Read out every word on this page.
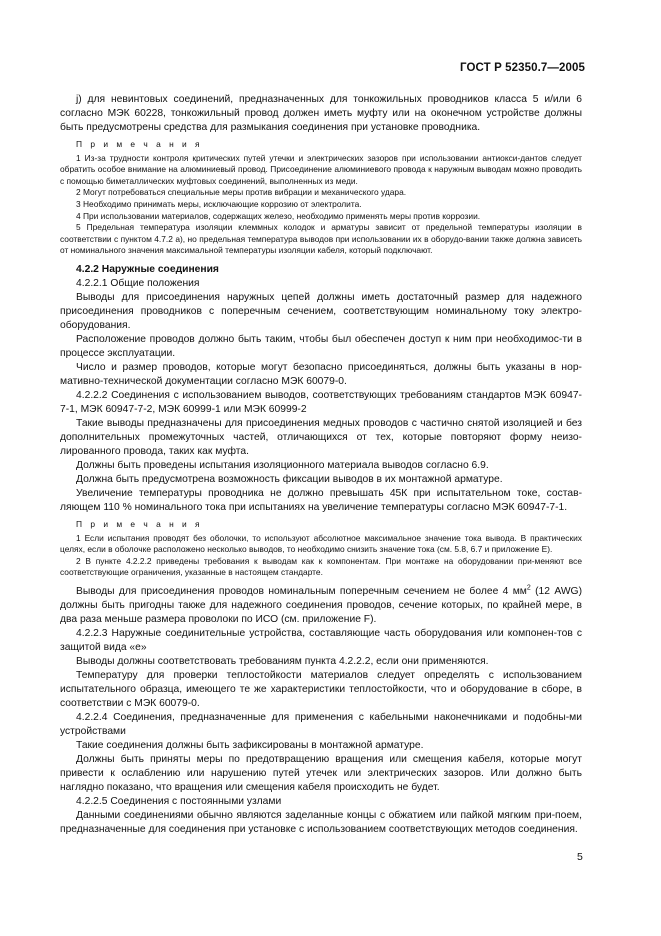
ГОСТ Р 52350.7—2005

j) для невинтовых соединений, предназначенных для тонкожильных проводников класса 5 и/или 6 согласно МЭК 60228, тонкожильный провод должен иметь муфту или на оконечном устройстве должны быть предусмотрены средства для размыкания соединения при установке проводника.

П р и м е ч а н и я

1 Из-за трудности контроля критических путей утечки и электрических зазоров при использовании антиокси-дантов следует обратить особое внимание на алюминиевый провод. Присоединение алюминиевого провода к наружным выводам можно проводить с помощью биметаллических муфтовых соединений, выполненных из меди.

2 Могут потребоваться специальные меры против вибрации и механического удара.

3 Необходимо принимать меры, исключающие коррозию от электролита.

4 При использовании материалов, содержащих железо, необходимо применять меры против коррозии.

5 Предельная температура изоляции клеммных колодок и арматуры зависит от предельной температуры изоляции в соответствии с пунктом 4.7.2 а), но предельная температура выводов при использовании их в оборудо-вании также должна зависеть от номинального значения максимальной температуры изоляции кабеля, который подключают.

4.2.2 Наружные соединения

4.2.2.1 Общие положения

Выводы для присоединения наружных цепей должны иметь достаточный размер для надежного присоединения проводников с поперечным сечением, соответствующим номинальному току электро-оборудования.

Расположение проводов должно быть таким, чтобы был обеспечен доступ к ним при необходимос-ти в процессе эксплуатации.

Число и размер проводов, которые могут безопасно присоединяться, должны быть указаны в нор-мативно-технической документации согласно МЭК 60079-0.

4.2.2.2 Соединения с использованием выводов, соответствующих требованиям стандартов МЭК 60947-7-1, МЭК 60947-7-2, МЭК 60999-1 или МЭК 60999-2

Такие выводы предназначены для присоединения медных проводов с частично снятой изоляцией и без дополнительных промежуточных частей, отличающихся от тех, которые повторяют форму неизо-лированного провода, таких как муфта.

Должны быть проведены испытания изоляционного материала выводов согласно 6.9.

Должна быть предусмотрена возможность фиксации выводов в их монтажной арматуре.

Увеличение температуры проводника не должно превышать 45К при испытательном токе, состав-ляющем 110 % номинального тока при испытаниях на увеличение температуры согласно МЭК 60947-7-1.

П р и м е ч а н и я

1 Если испытания проводят без оболочки, то используют абсолютное максимальное значение тока вывода. В практических целях, если в оболочке расположено несколько выводов, то необходимо снизить значение тока (см. 5.8, 6.7 и приложение E).

2 В пункте 4.2.2.2 приведены требования к выводам как к компонентам. При монтаже на оборудовании при-меняют все соответствующие ограничения, указанные в настоящем стандарте.

Выводы для присоединения проводов номинальным поперечным сечением не более 4 $мм^2$ (12 AWG) должны быть пригодны также для надежного соединения проводов, сечение которых, по крайней мере, в два раза меньше размера проволоки по ИСО (см. приложение F).

4.2.2.3 Наружные соединительные устройства, составляющие часть оборудования или компонен-тов с защитой вида «е»

Выводы должны соответствовать требованиям пункта 4.2.2.2, если они применяются.

Температуру для проверки теплостойкости материалов следует определять с использованием испытательного образца, имеющего те же характеристики теплостойкости, что и оборудование в сборе, в соответствии с МЭК 60079-0.

4.2.2.4 Соединения, предназначенные для применения с кабельными наконечниками и подобны-ми устройствами

Такие соединения должны быть зафиксированы в монтажной арматуре.

Должны быть приняты меры по предотвращению вращения или смещения кабеля, которые могут привести к ослаблению или нарушению путей утечек или электрических зазоров. Или должно быть наглядно показано, что вращения или смещения кабеля происходить не будет.

4.2.2.5 Соединения с постоянными узлами

Данными соединениями обычно являются заделанные концы с обжатием или пайкой мягким при-поем, предназначенные для соединения при установке с использованием соответствующих методов соединения.

5
